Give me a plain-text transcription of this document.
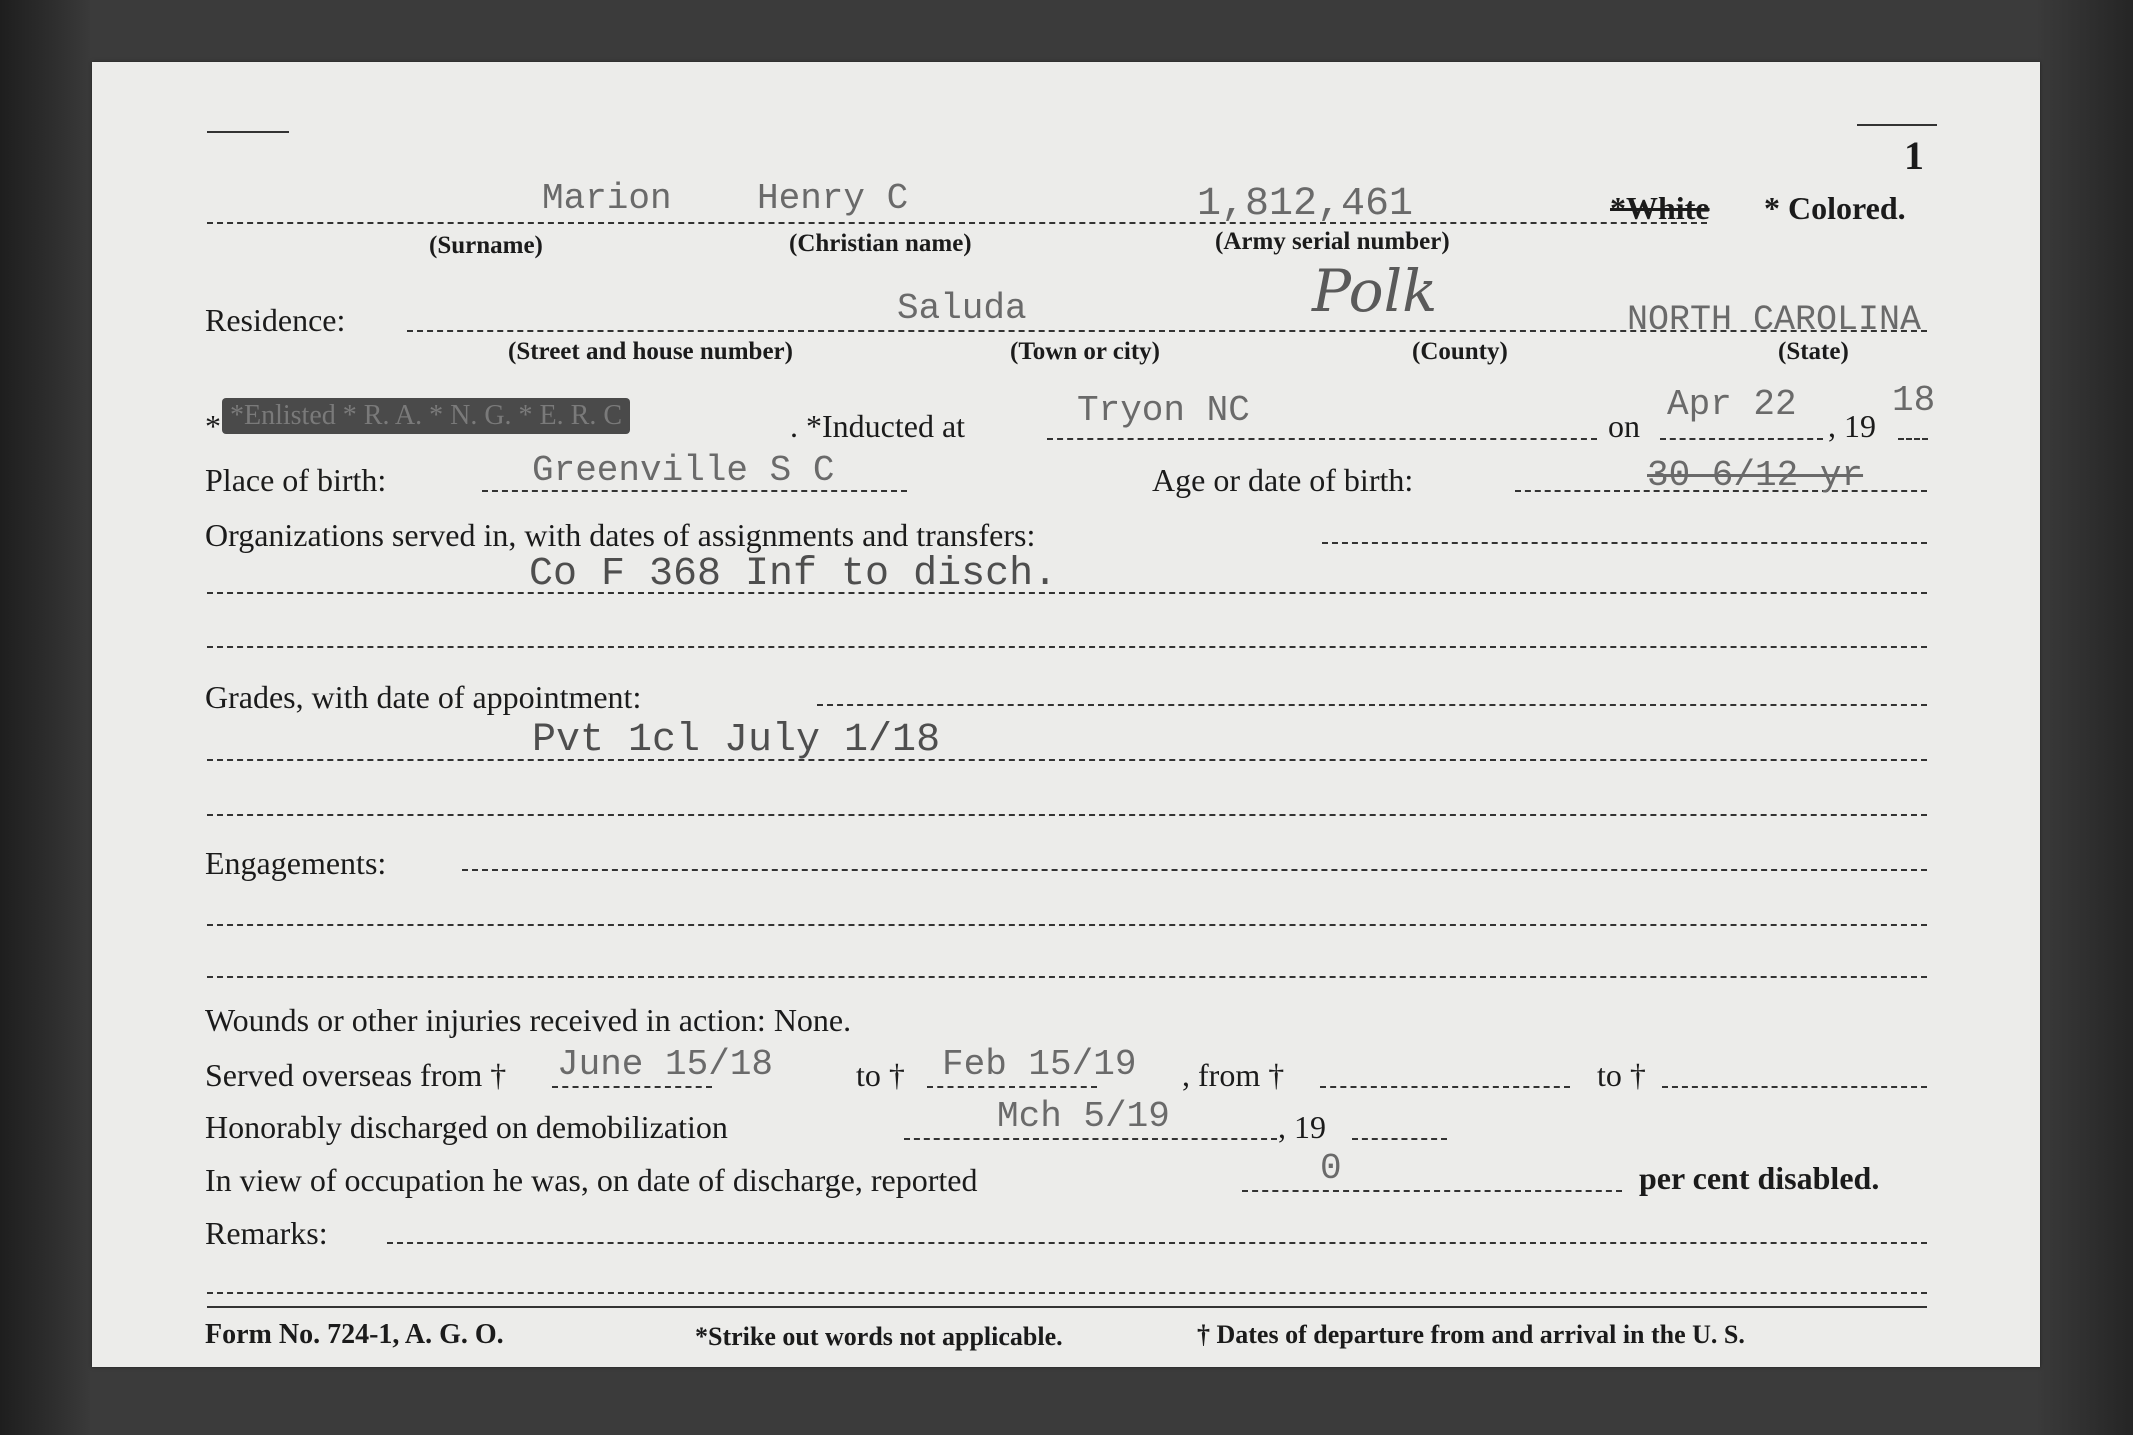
1
Marion Henry C	1,812,461	*White * Colored.
(Surname)	(Christian name)	(Army serial number)
Residence:	Saluda	Polk	NORTH CAROLINA
(Street and house number)	(Town or city)	(County)	(State)
* *Enlisted * R. A. * N. G. * E. R. C	. *Inducted at	Tryon NC	on
Apr 22
, 19
18
Place of birth:	Greenville S C	Age or date of birth:	30 6/12 yr
Organizations served in, with dates of assignments and transfers:
Co F 368 Inf to disch.
Grades, with date of appointment:
Pvt 1cl July 1/18
Engagements:
Wounds or other injuries received in action: None.
Served overseas from † June 15/18	to † Feb 15/19 , from †	to †
Honorably discharged on demobilization	Mch 5/19	, 19
In view of occupation he was, on date of discharge, reported	0	per cent disabled.
Remarks:
Form No. 724-1, A. G. O.	*Strike out words not applicable.	† Dates of departure from and arrival in the U. S.
